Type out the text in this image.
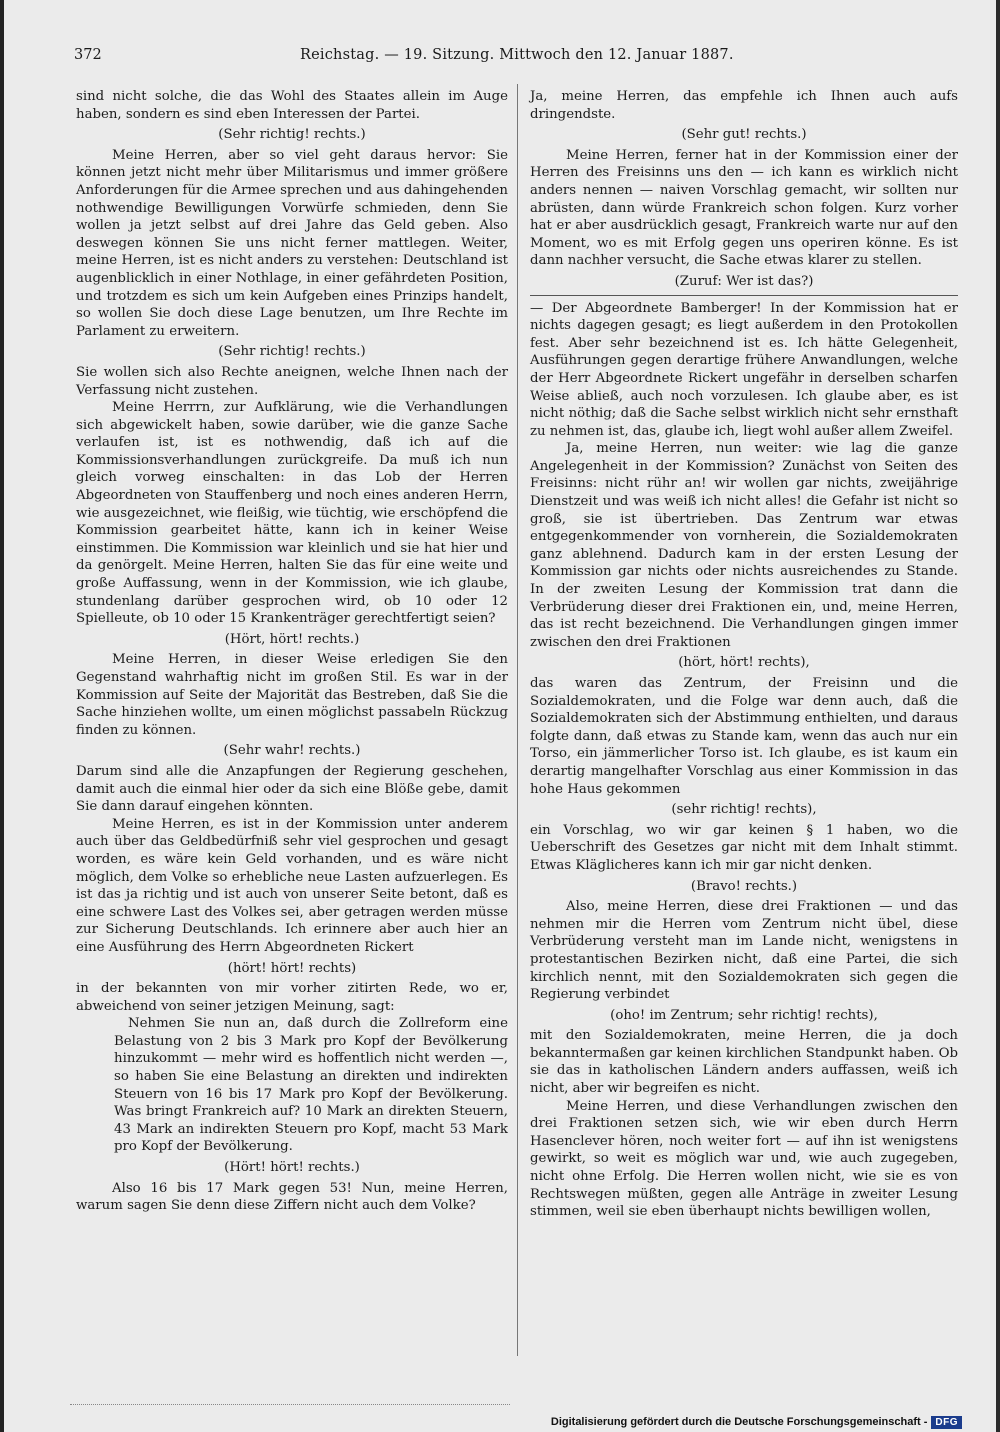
372	Reichstag. — 19. Sitzung. Mittwoch den 12. Januar 1887.

sind nicht solche, die das Wohl des Staates allein im Auge haben, sondern es sind eben Interessen der Partei.

(Sehr richtig! rechts.)

Meine Herren, aber so viel geht daraus hervor: Sie können jetzt nicht mehr über Militarismus und immer größere Anforderungen für die Armee sprechen und aus dahingehenden nothwendige Bewilligungen Vorwürfe schmieden, denn Sie wollen ja jetzt selbst auf drei Jahre das Geld geben. Also deswegen können Sie uns nicht ferner mattlegen. Weiter, meine Herren, ist es nicht anders zu verstehen: Deutschland ist augenblicklich in einer Nothlage, in einer gefährdeten Position, und trotzdem es sich um kein Aufgeben eines Prinzips handelt, so wollen Sie doch diese Lage benutzen, um Ihre Rechte im Parlament zu erweitern.

(Sehr richtig! rechts.)

Sie wollen sich also Rechte aneignen, welche Ihnen nach der Verfassung nicht zustehen.

Meine Herrrn, zur Aufklärung, wie die Verhandlungen sich abgewickelt haben, sowie darüber, wie die ganze Sache verlaufen ist, ist es nothwendig, daß ich auf die Kommissionsverhandlungen zurückgreife. Da muß ich nun gleich vorweg einschalten: in das Lob der Herren Abgeordneten von Stauffenberg und noch eines anderen Herrn, wie ausgezeichnet, wie fleißig, wie tüchtig, wie erschöpfend die Kommission gearbeitet hätte, kann ich in keiner Weise einstimmen. Die Kommission war kleinlich und sie hat hier und da genörgelt. Meine Herren, halten Sie das für eine weite und große Auffassung, wenn in der Kommission, wie ich glaube, stundenlang darüber gesprochen wird, ob 10 oder 12 Spielleute, ob 10 oder 15 Krankenträger gerechtfertigt seien?

(Hört, hört! rechts.)

Meine Herren, in dieser Weise erledigen Sie den Gegenstand wahrhaftig nicht im großen Stil. Es war in der Kommission auf Seite der Majorität das Bestreben, daß Sie die Sache hinziehen wollte, um einen möglichst passabeln Rückzug finden zu können.

(Sehr wahr! rechts.)

Darum sind alle die Anzapfungen der Regierung geschehen, damit auch die einmal hier oder da sich eine Blöße gebe, damit Sie dann darauf eingehen könnten.

Meine Herren, es ist in der Kommission unter anderem auch über das Geldbedürfniß sehr viel gesprochen und gesagt worden, es wäre kein Geld vorhanden, und es wäre nicht möglich, dem Volke so erhebliche neue Lasten aufzuerlegen. Es ist das ja richtig und ist auch von unserer Seite betont, daß es eine schwere Last des Volkes sei, aber getragen werden müsse zur Sicherung Deutschlands. Ich erinnere aber auch hier an eine Ausführung des Herrn Abgeordneten Rickert

(hört! hört! rechts)

in der bekannten von mir vorher zitirten Rede, wo er, abweichend von seiner jetzigen Meinung, sagt:

Nehmen Sie nun an, daß durch die Zollreform eine Belastung von 2 bis 3 Mark pro Kopf der Bevölkerung hinzukommt — mehr wird es hoffentlich nicht werden —, so haben Sie eine Belastung an direkten und indirekten Steuern von 16 bis 17 Mark pro Kopf der Bevölkerung. Was bringt Frankreich auf? 10 Mark an direkten Steuern, 43 Mark an indirekten Steuern pro Kopf, macht 53 Mark pro Kopf der Bevölkerung.

(Hört! hört! rechts.)

Also 16 bis 17 Mark gegen 53! Nun, meine Herren, warum sagen Sie denn diese Ziffern nicht auch dem Volke?

Ja, meine Herren, das empfehle ich Ihnen auch aufs dringendste.

(Sehr gut! rechts.)

Meine Herren, ferner hat in der Kommission einer der Herren des Freisinns uns den — ich kann es wirklich nicht anders nennen — naiven Vorschlag gemacht, wir sollten nur abrüsten, dann würde Frankreich schon folgen. Kurz vorher hat er aber ausdrücklich gesagt, Frankreich warte nur auf den Moment, wo es mit Erfolg gegen uns operiren könne. Es ist dann nachher versucht, die Sache etwas klarer zu stellen.

(Zuruf: Wer ist das?)

— Der Abgeordnete Bamberger! In der Kommission hat er nichts dagegen gesagt; es liegt außerdem in den Protokollen fest. Aber sehr bezeichnend ist es. Ich hätte Gelegenheit, Ausführungen gegen derartige frühere Anwandlungen, welche der Herr Abgeordnete Rickert ungefähr in derselben scharfen Weise abließ, auch noch vorzulesen. Ich glaube aber, es ist nicht nöthig; daß die Sache selbst wirklich nicht sehr ernsthaft zu nehmen ist, das, glaube ich, liegt wohl außer allem Zweifel.

Ja, meine Herren, nun weiter: wie lag die ganze Angelegenheit in der Kommission? Zunächst von Seiten des Freisinns: nicht rühr an! wir wollen gar nichts, zweijährige Dienstzeit und was weiß ich nicht alles! die Gefahr ist nicht so groß, sie ist übertrieben. Das Zentrum war etwas entgegenkommender von vornherein, die Sozialdemokraten ganz ablehnend. Dadurch kam in der ersten Lesung der Kommission gar nichts oder nichts ausreichendes zu Stande. In der zweiten Lesung der Kommission trat dann die Verbrüderung dieser drei Fraktionen ein, und, meine Herren, das ist recht bezeichnend. Die Verhandlungen gingen immer zwischen den drei Fraktionen

(hört, hört! rechts),

das waren das Zentrum, der Freisinn und die Sozialdemokraten, und die Folge war denn auch, daß die Sozialdemokraten sich der Abstimmung enthielten, und daraus folgte dann, daß etwas zu Stande kam, wenn das auch nur ein Torso, ein jämmerlicher Torso ist. Ich glaube, es ist kaum ein derartig mangelhafter Vorschlag aus einer Kommission in das hohe Haus gekommen

(sehr richtig! rechts),

ein Vorschlag, wo wir gar keinen § 1 haben, wo die Ueberschrift des Gesetzes gar nicht mit dem Inhalt stimmt. Etwas Kläglicheres kann ich mir gar nicht denken.

(Bravo! rechts.)

Also, meine Herren, diese drei Fraktionen — und das nehmen mir die Herren vom Zentrum nicht übel, diese Verbrüderung versteht man im Lande nicht, wenigstens in protestantischen Bezirken nicht, daß eine Partei, die sich kirchlich nennt, mit den Sozialdemokraten sich gegen die Regierung verbindet

(oho! im Zentrum; sehr richtig! rechts),

mit den Sozialdemokraten, meine Herren, die ja doch bekanntermaßen gar keinen kirchlichen Standpunkt haben. Ob sie das in katholischen Ländern anders auffassen, weiß ich nicht, aber wir begreifen es nicht.

Meine Herren, und diese Verhandlungen zwischen den drei Fraktionen setzen sich, wie wir eben durch Herrn Hasenclever hören, noch weiter fort — auf ihn ist wenigstens gewirkt, so weit es möglich war und, wie auch zugegeben, nicht ohne Erfolg. Die Herren wollen nicht, wie sie es von Rechtswegen müßten, gegen alle Anträge in zweiter Lesung stimmen, weil sie eben überhaupt nichts bewilligen wollen,

Digitalisierung gefördert durch die Deutsche Forschungsgemeinschaft - DFG
